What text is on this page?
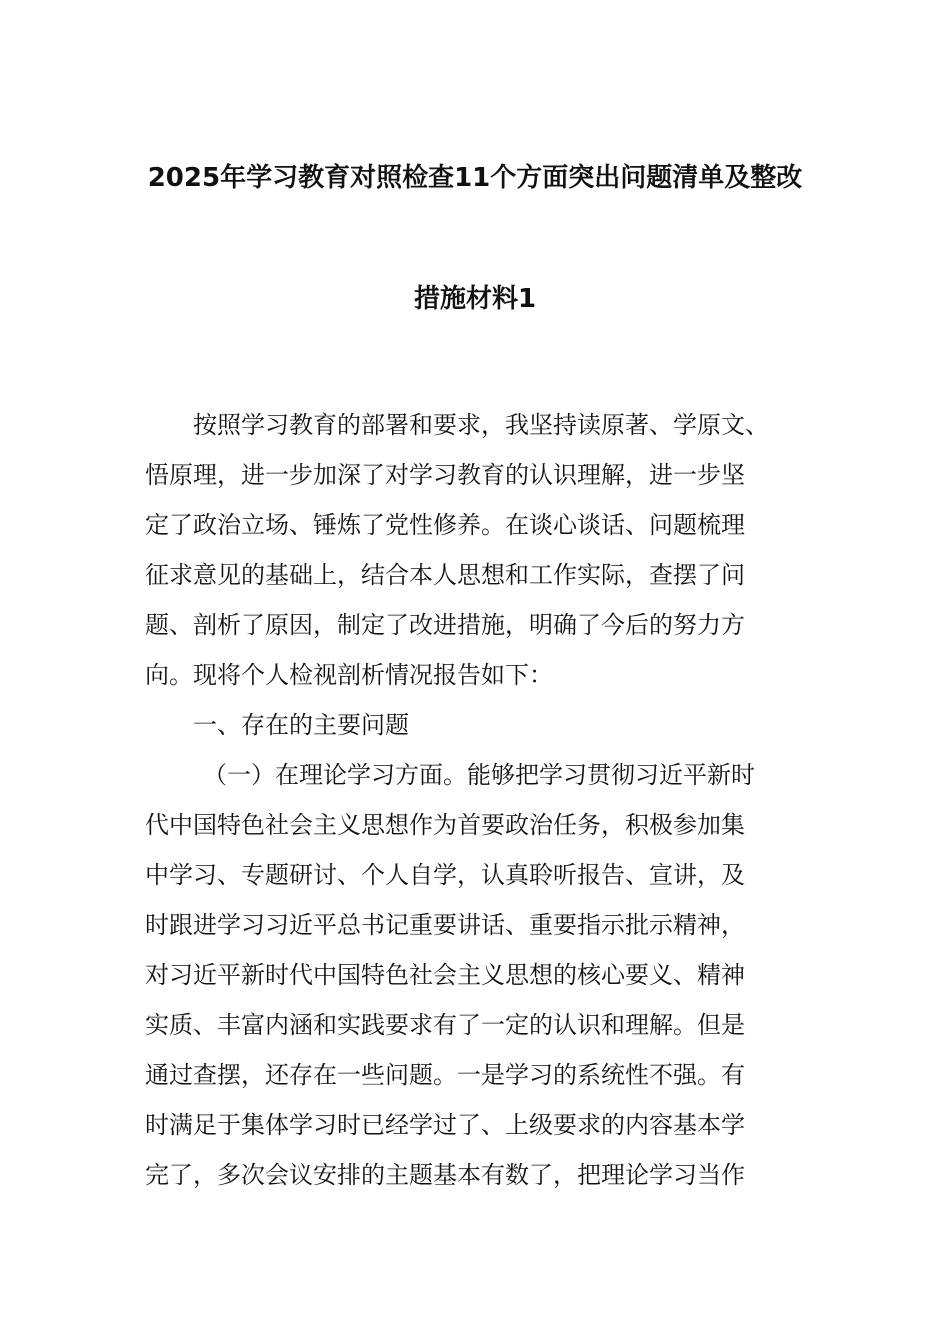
2025年学习教育对照检查11个方面突出问题清单及整改
措施材料1
按照学习教育的部署和要求，我坚持读原著、学原文、
悟原理，进一步加深了对学习教育的认识理解，进一步坚
定了政治立场、锤炼了党性修养。在谈心谈话、问题梳理
征求意见的基础上，结合本人思想和工作实际，查摆了问
题、剖析了原因，制定了改进措施，明确了今后的努力方
向。现将个人检视剖析情况报告如下：
一、存在的主要问题
（一）在理论学习方面。能够把学习贯彻习近平新时
代中国特色社会主义思想作为首要政治任务，积极参加集
中学习、专题研讨、个人自学，认真聆听报告、宣讲，及
时跟进学习习近平总书记重要讲话、重要指示批示精神，
对习近平新时代中国特色社会主义思想的核心要义、精神
实质、丰富内涵和实践要求有了一定的认识和理解。但是
通过查摆，还存在一些问题。一是学习的系统性不强。有
时满足于集体学习时已经学过了、上级要求的内容基本学
完了，多次会议安排的主题基本有数了，把理论学习当作
